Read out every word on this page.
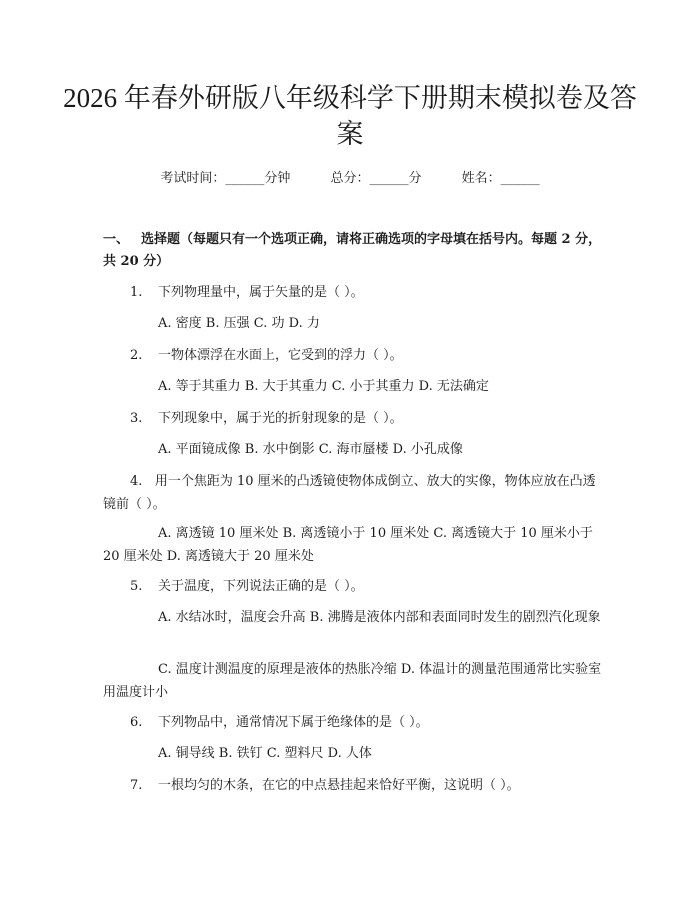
2026 年春外研版八年级科学下册期末模拟卷及答案
考试时间：______分钟	总分：______分	姓名：______
一、 选择题（每题只有一个选项正确，请将正确选项的字母填在括号内。每题 2 分，共 20 分）
1. 下列物理量中，属于矢量的是（ ）。
A. 密度 B. 压强 C. 功 D. 力
2. 一物体漂浮在水面上，它受到的浮力（ ）。
A. 等于其重力 B. 大于其重力 C. 小于其重力 D. 无法确定
3. 下列现象中，属于光的折射现象的是（ ）。
A. 平面镜成像 B. 水中倒影 C. 海市蜃楼 D. 小孔成像
4. 用一个焦距为 10 厘米的凸透镜使物体成倒立、放大的实像，物体应放在凸透镜前（ ）。
A. 离透镜 10 厘米处 B. 离透镜小于 10 厘米处 C. 离透镜大于 10 厘米小于 20 厘米处 D. 离透镜大于 20 厘米处
5. 关于温度，下列说法正确的是（ ）。
A. 水结冰时，温度会升高 B. 沸腾是液体内部和表面同时发生的剧烈汽化现象
C. 温度计测温度的原理是液体的热胀冷缩 D. 体温计的测量范围通常比实验室用温度计小
6. 下列物品中，通常情况下属于绝缘体的是（ ）。
A. 铜导线 B. 铁钉 C. 塑料尺 D. 人体
7. 一根均匀的木条，在它的中点悬挂起来恰好平衡，这说明（ ）。
